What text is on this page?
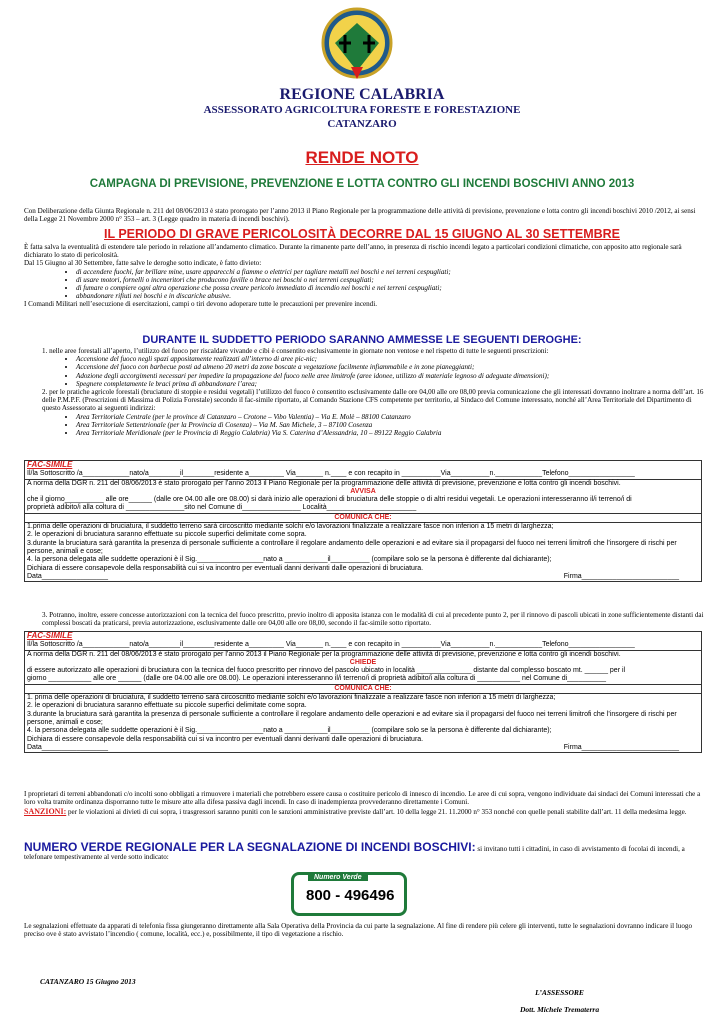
REGIONE CALABRIA
ASSESSORATO AGRICOLTURA FORESTE E FORESTAZIONE
CATANZARO
RENDE NOTO
CAMPAGNA DI PREVISIONE, PREVENZIONE E LOTTA CONTRO GLI INCENDI BOSCHIVI ANNO 2013

Con Deliberazione della Giunta Regionale n. 211 del 08/06/2013 è stato prorogato per l’anno 2013 il Piano Regionale per la programmazione delle attività di previsione, prevenzione e lotta contro gli incendi boschivi 2010 /2012, ai sensi della Legge 21 Novembre 2000 n° 353 – art. 3 (Legge quadro in materia di incendi boschivi).

IL PERIODO DI GRAVE PERICOLOSITÀ DECORRE DAL 15 GIUGNO AL 30 SETTEMBRE

È fatta salva la eventualità di estendere tale periodo in relazione all’andamento climatico. Durante la rimanente parte dell’anno, in presenza di rischio incendi legato a particolari condizioni climatiche, con apposito atto regionale sarà dichiarato lo stato di pericolosità.

Dal 15 Giugno al 30 Settembre, fatte salve le deroghe sotto indicate, è fatto divieto:

• di accendere fuochi, far brillare mine, usare apparecchi a fiamme o elettrici per tagliare metalli nei boschi e nei terreni cespugliati;
• di usare motori, fornelli o inceneritori che producono faville o brace nei boschi o nei terreni cespugliati;
• di fumare o compiere ogni altra operazione che possa creare pericolo immediato di incendio nei boschi e nei terreni cespugliati;
• abbandonare rifiuti nei boschi e in discariche abusive.

I Comandi Militari nell’esecuzione di esercitazioni, campi o tiri devono adoperare tutte le precauzioni per prevenire incendi.

DURANTE IL SUDDETTO PERIODO SARANNO AMMESSE LE SEGUENTI DEROGHE:

1. nelle aree forestali all’aperto, l’utilizzo del fuoco per riscaldare vivande e cibi è consentito esclusivamente in giornate non ventose e nel rispetto di tutte le seguenti prescrizioni:

• Accensione del fuoco negli spazi appositamente realizzati all’interno di aree pic-nic;
• Accensione del fuoco con barbecue posti ad almeno 20 metri da zone boscate a vegetazione facilmente infiammabile e in zone pianeggianti;
• Adozione degli accorgimenti necessari per impedire la propagazione del fuoco nelle aree limitrofe (aree idonee, utilizzo di materiale legnoso di adeguate dimensioni);
• Spegnere completamente le braci prima di abbandonare l’area;

2. per le pratiche agricole forestali (bruciature di stoppie e residui vegetali) l’utilizzo del fuoco è consentito esclusivamente dalle ore 04,00 alle ore 08,00 previa comunicazione che gli interessati dovranno inoltrare a norma dell’art. 16 delle P.M.P.F. (Prescrizioni di Massima di Polizia Forestale) secondo il fac-simile riportato, al Comando Stazione CFS competente per territorio, al Sindaco del Comune interessato, nonché all’Area Territoriale del Dipartimento di questo Assessorato ai seguenti indirizzi:

• Area Territoriale Centrale (per le province di Catanzaro – Crotone – Vibo Valentia) – Via E. Molè – 88100 Catanzaro
• Area Territoriale Settentrionale (per la Provincia di Cosenza) – Via M. San Michele, 3 – 87100 Cosenza
• Area Territoriale Meridionale (per le Provincia di Reggio Calabria) Via S. Caterina d’Alessandria, 10 – 89122 Reggio Calabria
FAC-SIMILE
Il/la Sottoscritto /a____________nato/a________il________residente a_________ Via_______ n.____ e con recapito in __________Via__________n.____________Telefono_________________
A norma della DGR n. 211 del 08/06/2013 è stato prorogato per l’anno 2013 il Piano Regionale per la programmazione delle attività di previsione, prevenzione e lotta contro gli incendi boschivi.
AVVISA
che il giorno__________ alle ore______ (dalle ore 04.00 alle ore 08.00) si darà inizio alle operazioni di bruciatura delle stoppie o di altri residui vegetali. Le operazioni interesseranno il/i terreno/i di
proprietà adibito/i alla coltura di _______________sito nel Comune di_______________ Località_______________________
COMUNICA CHE:
1.prima delle operazioni di bruciatura, il suddetto terreno sarà circoscritto mediante solchi e/o lavorazioni finalizzate a realizzare fasce non inferiori a 15 metri di larghezza;
2. le operazioni di bruciatura saranno effettuate su piccole superfici delimitate come sopra.
3.durante la bruciatura sarà garantita la presenza di personale sufficiente a controllare il regolare andamento delle operazioni e ad evitare sia il propagarsi del fuoco nei terreni limitrofi che l’insorgere di rischi per persone, animali e cose;
4. la persona delegata alle suddette operazioni è il Sig._________________nato a ___________il__________ (compilare solo se la persona è differente dal dichiarante);
Dichiara di essere consapevole della responsabilità cui si va incontro per eventuali danni derivanti dalle operazioni di bruciatura.
Data_________________	Firma_________________________

3. Potranno, inoltre, essere concesse autorizzazioni con la tecnica del fuoco prescritto, previo inoltro di apposita istanza con le modalità di cui al precedente punto 2, per il rinnovo di pascoli ubicati in zone sufficientemente distanti dai complessi boscati da praticarsi, previa autorizzazione, esclusivamente dalle ore 04,00 alle ore 08,00, secondo il fac-simile sotto riportato.

FAC-SIMILE
Il/la Sottoscritto /a____________nato/a________il________residente a_________ Via_______ n.____ e con recapito in __________Via__________n.____________Telefono_________________
A norma della DGR n. 211 del 08/06/2013 è stato prorogato per l’anno 2013 il Piano Regionale per la programmazione delle attività di previsione, prevenzione e lotta contro gli incendi boschivi.
CHIEDE
di essere autorizzato alle operazioni di bruciatura con la tecnica del fuoco prescritto per rinnovo del pascolo ubicato in località ______________ distante dal complesso boscato mt. ______ per il
giorno ___________ alle ore ______ (dalle ore 04.00 alle ore 08.00). Le operazioni interesseranno il/i terreno/i di proprietà adibito/i alla coltura di ___________ nel Comune di__________
COMUNICA CHE:
1. prima delle operazioni di bruciatura, il suddetto terreno sarà circoscritto mediante solchi e/o lavorazioni finalizzate a realizzare fasce non inferiori a 15 metri di larghezza;
2. le operazioni di bruciatura saranno effettuate su piccole superfici delimitate come sopra.
3.durante la bruciatura sarà garantita la presenza di personale sufficiente a controllare il regolare andamento delle operazioni e ad evitare sia il propagarsi del fuoco nei terreni limitrofi che l’insorgere di rischi per persone, animali e cose;
4. la persona delegata alle suddette operazioni è il Sig._________________nato a ___________il__________ (compilare solo se la persona è differente dal dichiarante);
Dichiara di essere consapevole della responsabilità cui si va incontro per eventuali danni derivanti dalle operazioni di bruciatura.
Data_________________	Firma_________________________

I proprietari di terreni abbandonati c/o incolti sono obbligati a rimuovere i materiali che potrebbero essere causa o costituire pericolo di innesco di incendio. Le aree di cui sopra, vengono individuate dai sindaci dei Comuni interessati che a loro volta tramite ordinanza disporranno tutte le misure atte alla difesa passiva dagli incendi. In caso di inadempienza provvederanno direttamente i Comuni.

SANZIONI: per le violazioni ai divieti di cui sopra, i trasgressori saranno puniti con le sanzioni amministrative previste dall’art. 10 della legge 21. 11.2000 n° 353 nonché con quelle penali stabilite dall’art. 11 della medesima legge.

NUMERO VERDE REGIONALE PER LA SEGNALAZIONE DI INCENDI BOSCHIVI: si invitano tutti i cittadini, in caso di avvistamento di focolai di incendi, a telefonare tempestivamente al verde sotto indicato:

Numero Verde
800 - 496496

Le segnalazioni effettuate da apparati di telefonia fissa giungeranno direttamente alla Sala Operativa della Provincia da cui parte la segnalazione. Al fine di rendere più celere gli interventi, tutte le segnalazioni dovranno indicare il luogo preciso ove è stato avvistato l’incendio ( comune, località, ecc.) e, possibilmente, il tipo di vegetazione a rischio.

CATANZARO 15 Giugno 2013
L’ASSESSORE
Dott. Michele Trematerra
